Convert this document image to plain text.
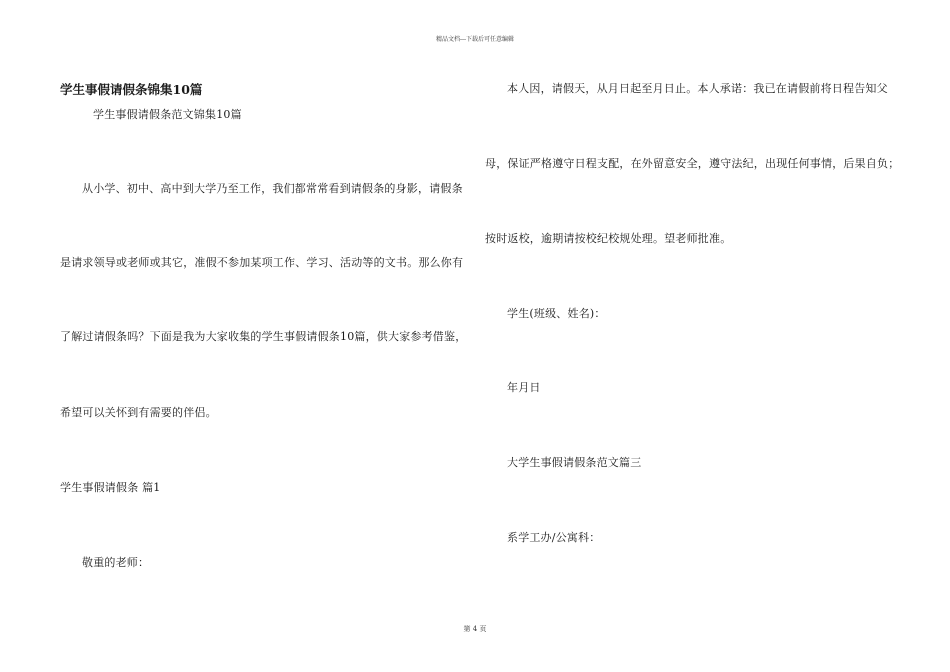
精品文档---下载后可任意编辑
学生事假请假条锦集10篇
学生事假请假条范文锦集10篇
从小学、初中、高中到大学乃至工作，我们都常常看到请假条的身影，请假条
是请求领导或老师或其它，准假不参加某项工作、学习、活动等的文书。那么你有
了解过请假条吗？下面是我为大家收集的学生事假请假条10篇，供大家参考借鉴，
希望可以关怀到有需要的伴侣。
学生事假请假条 篇1
敬重的老师：
本人因，请假天，从月日起至月日止。本人承诺：我已在请假前将日程告知父
母，保证严格遵守日程支配，在外留意安全，遵守法纪，出现任何事情，后果自负；
按时返校，逾期请按校纪校规处理。望老师批准。
学生(班级、姓名)：
年月日
大学生事假请假条范文篇三
系学工办/公寓科：
第 4 页
